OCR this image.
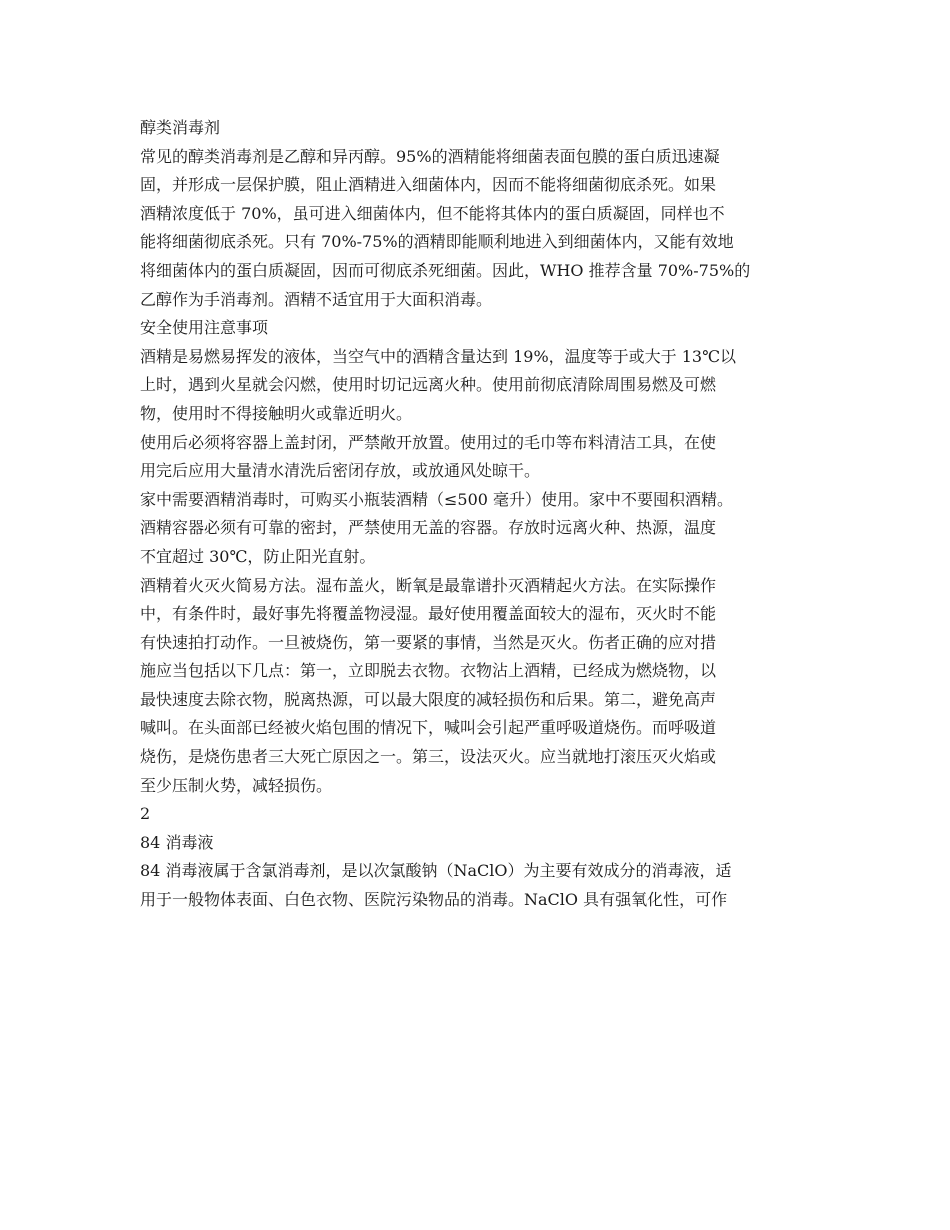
醇类消毒剂
常见的醇类消毒剂是乙醇和异丙醇。95%的酒精能将细菌表面包膜的蛋白质迅速凝
固，并形成一层保护膜，阻止酒精进入细菌体内，因而不能将细菌彻底杀死。如果
酒精浓度低于 70%，虽可进入细菌体内，但不能将其体内的蛋白质凝固，同样也不
能将细菌彻底杀死。只有 70%-75%的酒精即能顺利地进入到细菌体内，又能有效地
将细菌体内的蛋白质凝固，因而可彻底杀死细菌。因此，WHO 推荐含量 70%-75%的
乙醇作为手消毒剂。酒精不适宜用于大面积消毒。
安全使用注意事项
酒精是易燃易挥发的液体，当空气中的酒精含量达到 19%，温度等于或大于 13℃以
上时，遇到火星就会闪燃，使用时切记远离火种。使用前彻底清除周围易燃及可燃
物，使用时不得接触明火或靠近明火。
使用后必须将容器上盖封闭，严禁敞开放置。使用过的毛巾等布料清洁工具，在使
用完后应用大量清水清洗后密闭存放，或放通风处晾干。
家中需要酒精消毒时，可购买小瓶装酒精（≤500 毫升）使用。家中不要囤积酒精。
酒精容器必须有可靠的密封，严禁使用无盖的容器。存放时远离火种、热源，温度
不宜超过 30℃，防止阳光直射。
酒精着火灭火简易方法。湿布盖火，断氧是最靠谱扑灭酒精起火方法。在实际操作
中，有条件时，最好事先将覆盖物浸湿。最好使用覆盖面较大的湿布，灭火时不能
有快速拍打动作。一旦被烧伤，第一要紧的事情，当然是灭火。伤者正确的应对措
施应当包括以下几点：第一，立即脱去衣物。衣物沾上酒精，已经成为燃烧物，以
最快速度去除衣物，脱离热源，可以最大限度的减轻损伤和后果。第二，避免高声
喊叫。在头面部已经被火焰包围的情况下，喊叫会引起严重呼吸道烧伤。而呼吸道
烧伤，是烧伤患者三大死亡原因之一。第三，设法灭火。应当就地打滚压灭火焰或
至少压制火势，减轻损伤。
2
84 消毒液
84 消毒液属于含氯消毒剂，是以次氯酸钠（NaClO）为主要有效成分的消毒液，适
用于一般物体表面、白色衣物、医院污染物品的消毒。NaClO 具有强氧化性，可作
